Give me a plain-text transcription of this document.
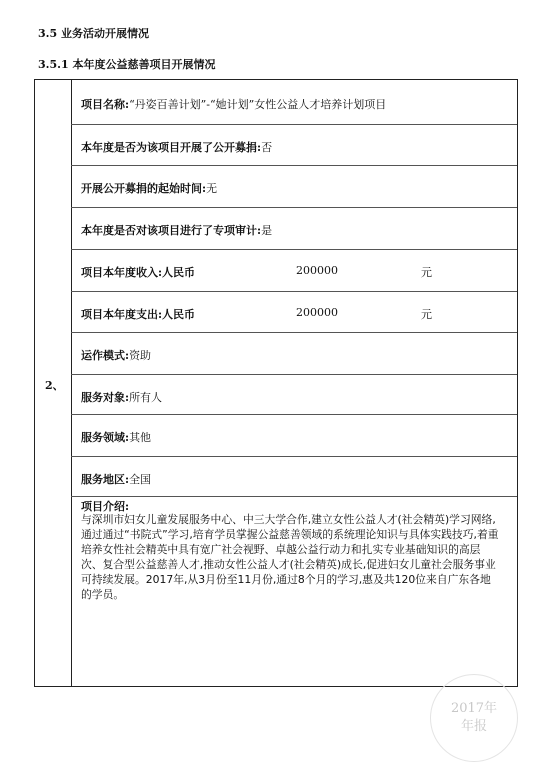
3.5 业务活动开展情况
3.5.1 本年度公益慈善项目开展情况
2、
项目名称:“丹姿百善计划”-“她计划”女性公益人才培养计划项目
本年度是否为该项目开展了公开募捐:否
开展公开募捐的起始时间:无
本年度是否对该项目进行了专项审计:是
项目本年度收入:人民币	200000	元
项目本年度支出:人民币	200000	元
运作模式:资助
服务对象:所有人
服务领域:其他
服务地区:全国
项目介绍:
与深圳市妇女儿童发展服务中心、中三大学合作,建立女性公益人才(社会精英)学习网络,通过通过“书院式”学习,培育学员掌握公益慈善领域的系统理论知识与具体实践技巧,着重培养女性社会精英中具有宽广社会视野、卓越公益行动力和扎实专业基础知识的高层次、复合型公益慈善人才,推动女性公益人才(社会精英)成长,促进妇女儿童社会服务事业可持续发展。2017年,从3月份至11月份,通过8个月的学习,惠及共120位来自广东各地的学员。
2017年
年报
